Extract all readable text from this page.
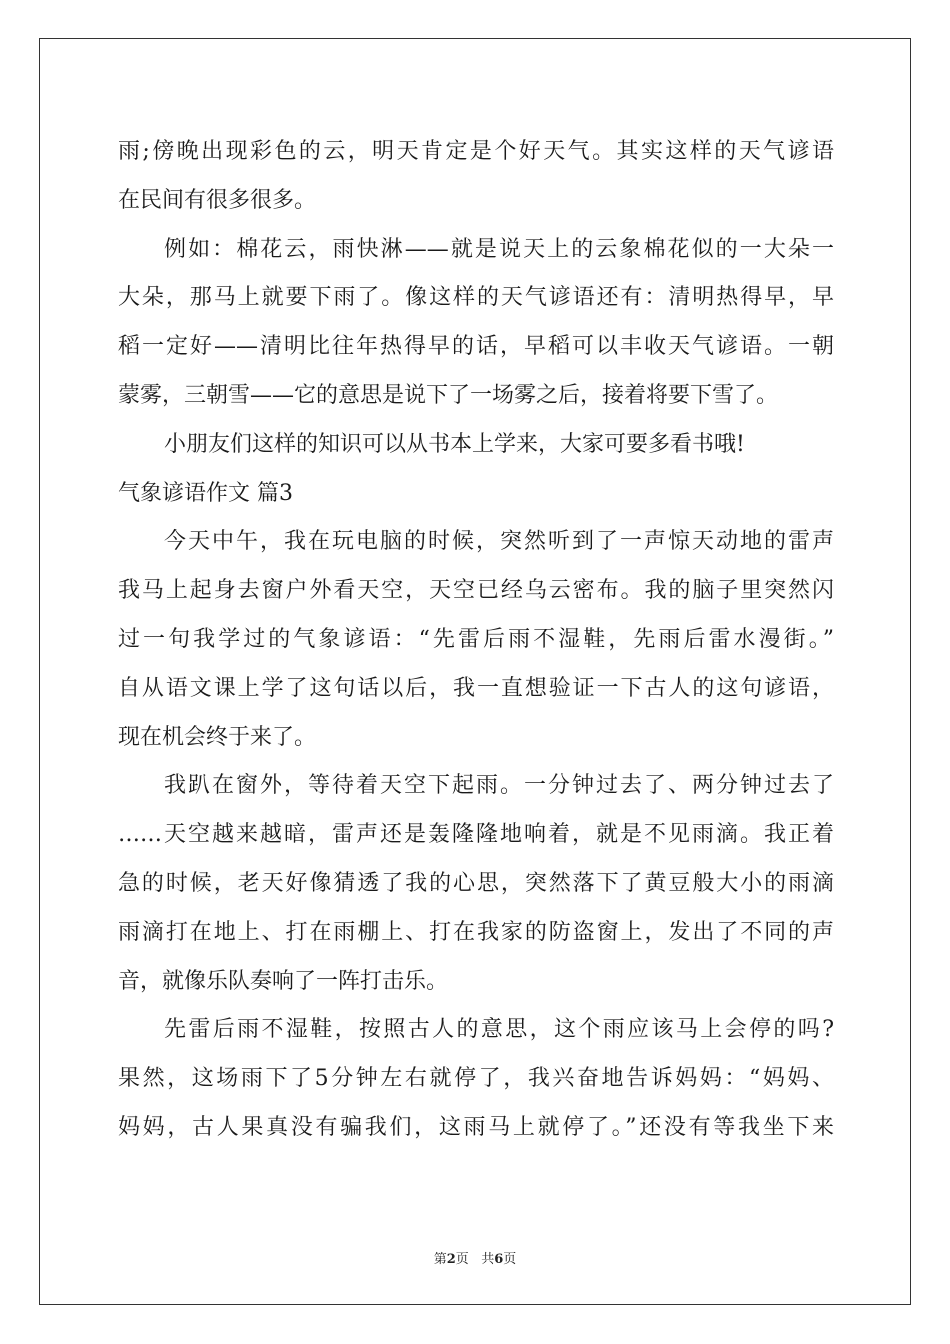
雨;傍晚出现彩色的云，明天肯定是个好天气。其实这样的天气谚语
在民间有很多很多。
例如：棉花云，雨快淋——就是说天上的云象棉花似的一大朵一
大朵，那马上就要下雨了。像这样的天气谚语还有：清明热得早，早
稻一定好——清明比往年热得早的话，早稻可以丰收天气谚语。一朝
蒙雾，三朝雪——它的意思是说下了一场雾之后，接着将要下雪了。
小朋友们这样的知识可以从书本上学来，大家可要多看书哦!
气象谚语作文 篇3
今天中午，我在玩电脑的时候，突然听到了一声惊天动地的雷声
我马上起身去窗户外看天空，天空已经乌云密布。我的脑子里突然闪
过一句我学过的气象谚语：“先雷后雨不湿鞋，先雨后雷水漫街。”
自从语文课上学了这句话以后，我一直想验证一下古人的这句谚语，
现在机会终于来了。
我趴在窗外，等待着天空下起雨。一分钟过去了、两分钟过去了
……天空越来越暗，雷声还是轰隆隆地响着，就是不见雨滴。我正着
急的时候，老天好像猜透了我的心思，突然落下了黄豆般大小的雨滴
雨滴打在地上、打在雨棚上、打在我家的防盗窗上，发出了不同的声
音，就像乐队奏响了一阵打击乐。
先雷后雨不湿鞋，按照古人的意思，这个雨应该马上会停的吗?
果然，这场雨下了5分钟左右就停了，我兴奋地告诉妈妈：“妈妈、
妈妈，古人果真没有骗我们，这雨马上就停了。”还没有等我坐下来
第2页 共6页
